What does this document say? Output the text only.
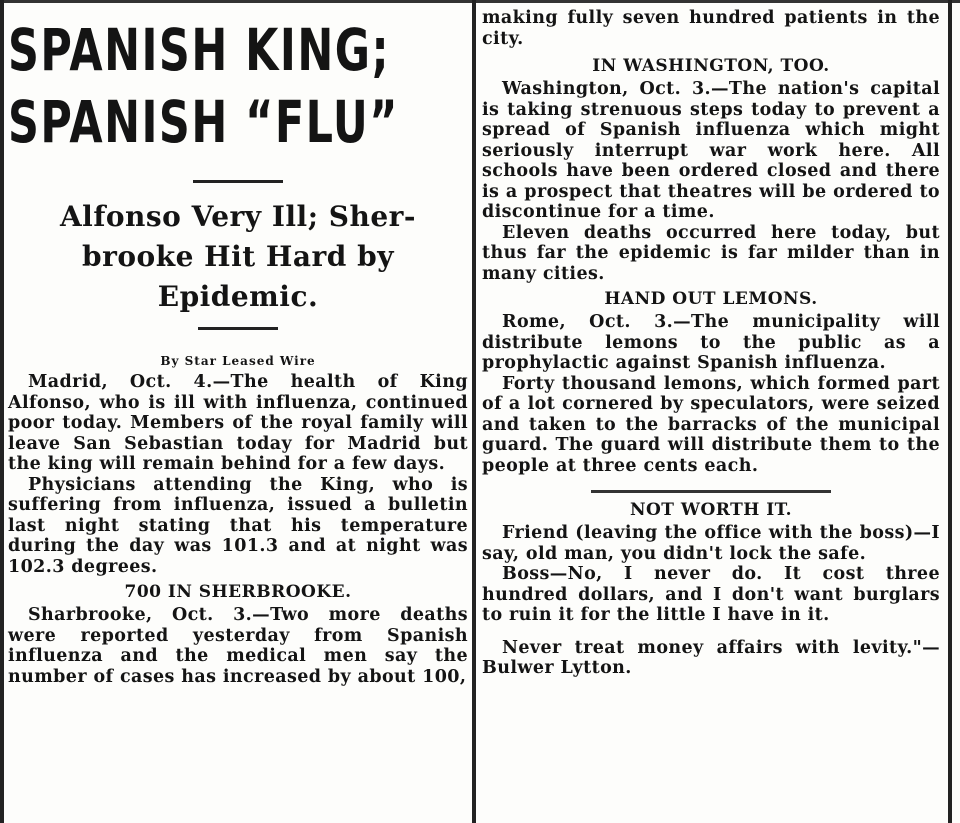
SPANISH KING;
SPANISH “FLU”
Alfonso Very Ill; Sher-
brooke Hit Hard by
Epidemic.
By Star Leased Wire

Madrid, Oct. 4.—The health of King Alfonso, who is ill with influenza, continued poor today. Members of the royal family will leave San Sebastian today for Madrid but the king will remain behind for a few days.

Physicians attending the King, who is suffering from influenza, issued a bulletin last night stating that his temperature during the day was 101.3 and at night was 102.3 degrees.

700 IN SHERBROOKE.

Sharbrooke, Oct. 3.—Two more deaths were reported yesterday from Spanish influenza and the medical men say the number of cases has increased by about 100,

making fully seven hundred patients in the city.

IN WASHINGTON, TOO.

Washington, Oct. 3.—The nation's capital is taking strenuous steps today to prevent a spread of Spanish influenza which might seriously interrupt war work here. All schools have been ordered closed and there is a prospect that theatres will be ordered to discontinue for a time.

Eleven deaths occurred here today, but thus far the epidemic is far milder than in many cities.

HAND OUT LEMONS.

Rome, Oct. 3.—The municipality will distribute lemons to the public as a prophylactic against Spanish influenza.

Forty thousand lemons, which formed part of a lot cornered by speculators, were seized and taken to the barracks of the municipal guard. The guard will distribute them to the people at three cents each.

NOT WORTH IT.

Friend (leaving the office with the boss)—I say, old man, you didn't lock the safe.

Boss—No, I never do. It cost three hundred dollars, and I don't want burglars to ruin it for the little I have in it.

Never treat money affairs with levity."—Bulwer Lytton.
